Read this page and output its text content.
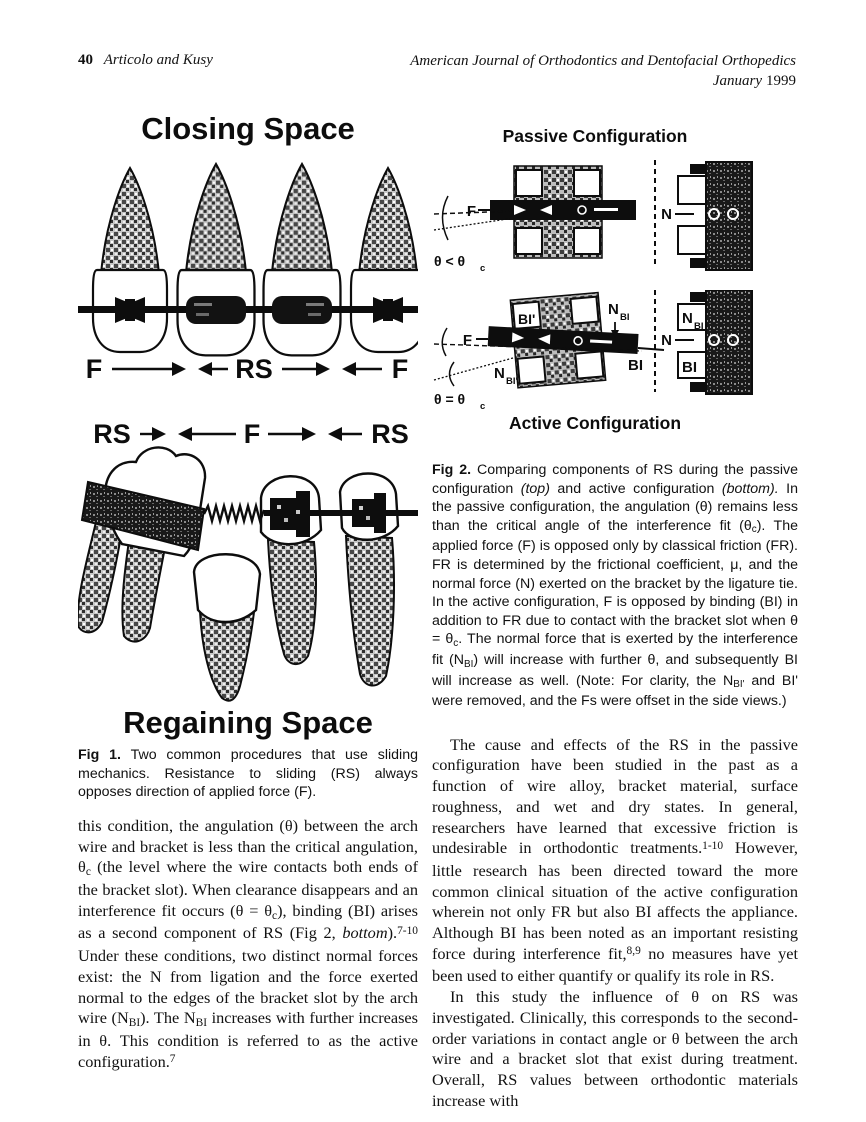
40 Articolo and Kusy	American Journal of Orthodontics and Dentofacial Orthopedics
January 1999
Closing Space
F	RS	F
RS	F	RS
Regaining Space

Fig 1. Two common procedures that use sliding mechanics. Resistance to sliding (RS) always opposes direction of applied force (F).

this condition, the angulation (θ) between the arch wire and bracket is less than the critical angulation, θc (the level where the wire contacts both ends of the bracket slot). When clearance disappears and an interference fit occurs (θ = θc), binding (BI) arises as a second component of RS (Fig 2, bottom).$^{7-10}$ Under these conditions, two distinct normal forces exist: the N from ligation and the force exerted normal to the edges of the bracket slot by the arch wire (NBI). The NBI increases with further increases in θ. This condition is referred to as the active configuration.$^7$

Passive Configuration
F
θ < θ c
N
F
BI'
N BI
BI
N BI'
θ = θ c
N BI
N
BI
Active Configuration

Fig 2. Comparing components of RS during the passive configuration (top) and active configuration (bottom). In the passive configuration, the angulation (θ) remains less than the critical angle of the interference fit (θc). The applied force (F) is opposed only by classical friction (FR). FR is determined by the frictional coefficient, μ, and the normal force (N) exerted on the bracket by the ligature tie. In the active configuration, F is opposed by binding (BI) in addition to FR due to contact with the bracket slot when θ = θc. The normal force that is exerted by the interference fit (NBI) will increase with further θ, and subsequently BI will increase as well. (Note: For clarity, the NBI' and BI' were removed, and the Fs were offset in the side views.)

The cause and effects of the RS in the passive configuration have been studied in the past as a function of wire alloy, bracket material, surface roughness, and wet and dry states. In general, researchers have learned that excessive friction is undesirable in orthodontic treatments.$^{1-10}$ However, little research has been directed toward the more common clinical situation of the active configuration wherein not only FR but also BI affects the appliance. Although BI has been noted as an important resisting force during interference fit,$^{8,9}$ no measures have yet been used to either quantify or qualify its role in RS.

In this study the influence of θ on RS was investigated. Clinically, this corresponds to the second-order variations in contact angle or θ between the arch wire and a bracket slot that exist during treatment. Overall, RS values between orthodontic materials increase with
